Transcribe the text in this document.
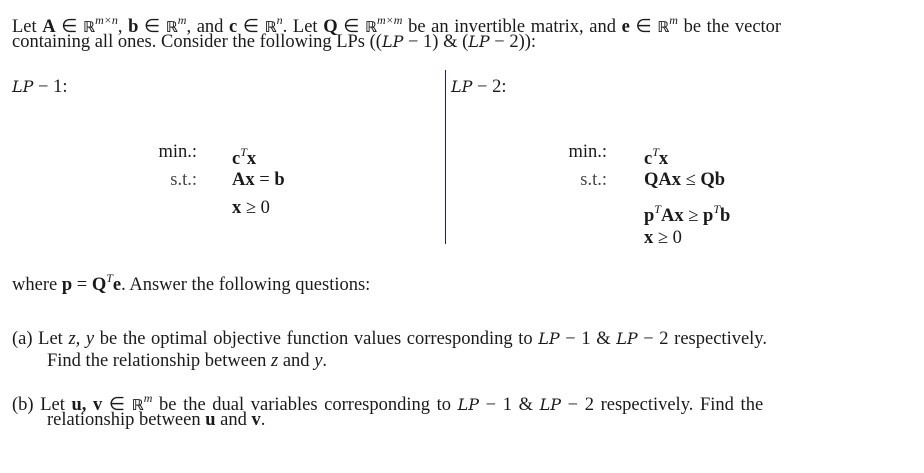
Let A ∈ ℝ$^{m\times n}$, b ∈ ℝ$^m$, and c ∈ ℝ$^n$. Let Q ∈ ℝ$^{m\times m}$ be an invertible matrix, and e ∈ ℝ$^m$ be the vector
containing all ones. Consider the following LPs ((LP − 1) & (LP − 2)):
LP − 1:	LP − 2:
min.: $c^Tx$
s.t.: Ax = b
x ≥ 0
min.: $c^Tx$
s.t.: QAx ≤ Qb
$p^TAx \ge p^Tb$
x ≥ 0
where $p = Q^Te$. Answer the following questions:
(a) Let z, y be the optimal objective function values corresponding to LP − 1 & LP − 2 respectively.
Find the relationship between z and y.
(b) Let u, v ∈ ℝ$^m$ be the dual variables corresponding to LP − 1 & LP − 2 respectively. Find the
relationship between u and v.
